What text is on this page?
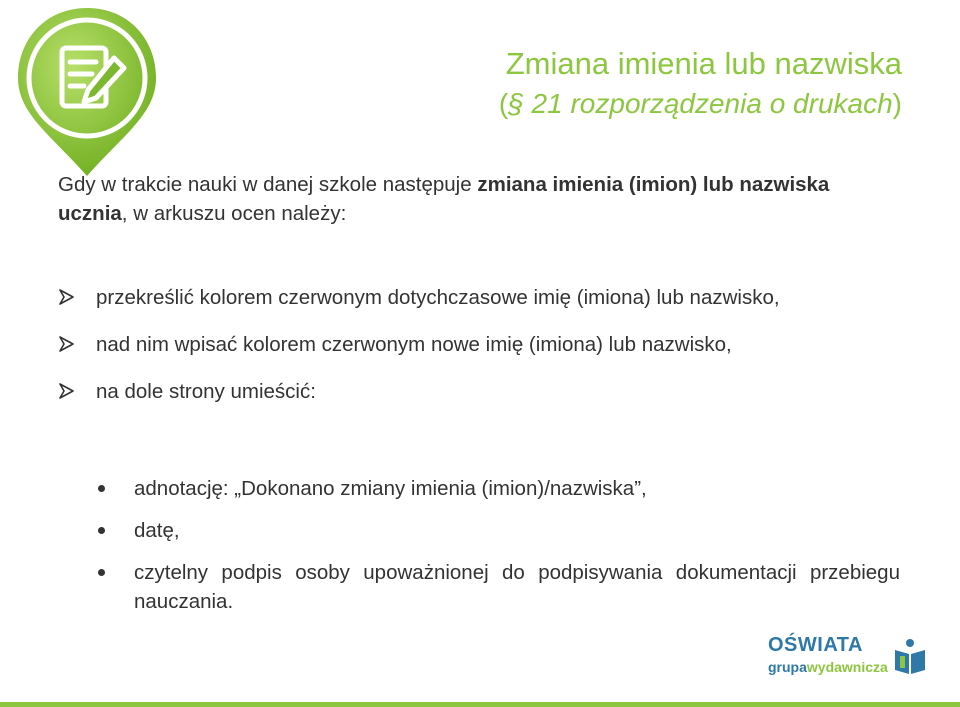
Zmiana imienia lub nazwiska
(§ 21 rozporządzenia o drukach)
Gdy w trakcie nauki w danej szkole następuje zmiana imienia (imion) lub nazwiska ucznia, w arkuszu ocen należy:
przekreślić kolorem czerwonym dotychczasowe imię (imiona) lub nazwisko,
nad nim wpisać kolorem czerwonym nowe imię (imiona) lub nazwisko,
na dole strony umieścić:
adnotację: „Dokonano zmiany imienia (imion)/nazwiska”,
datę,
czytelny podpis osoby upoważnionej do podpisywania dokumentacji przebiegu nauczania.
OŚWIATA
grupawydawnicza
